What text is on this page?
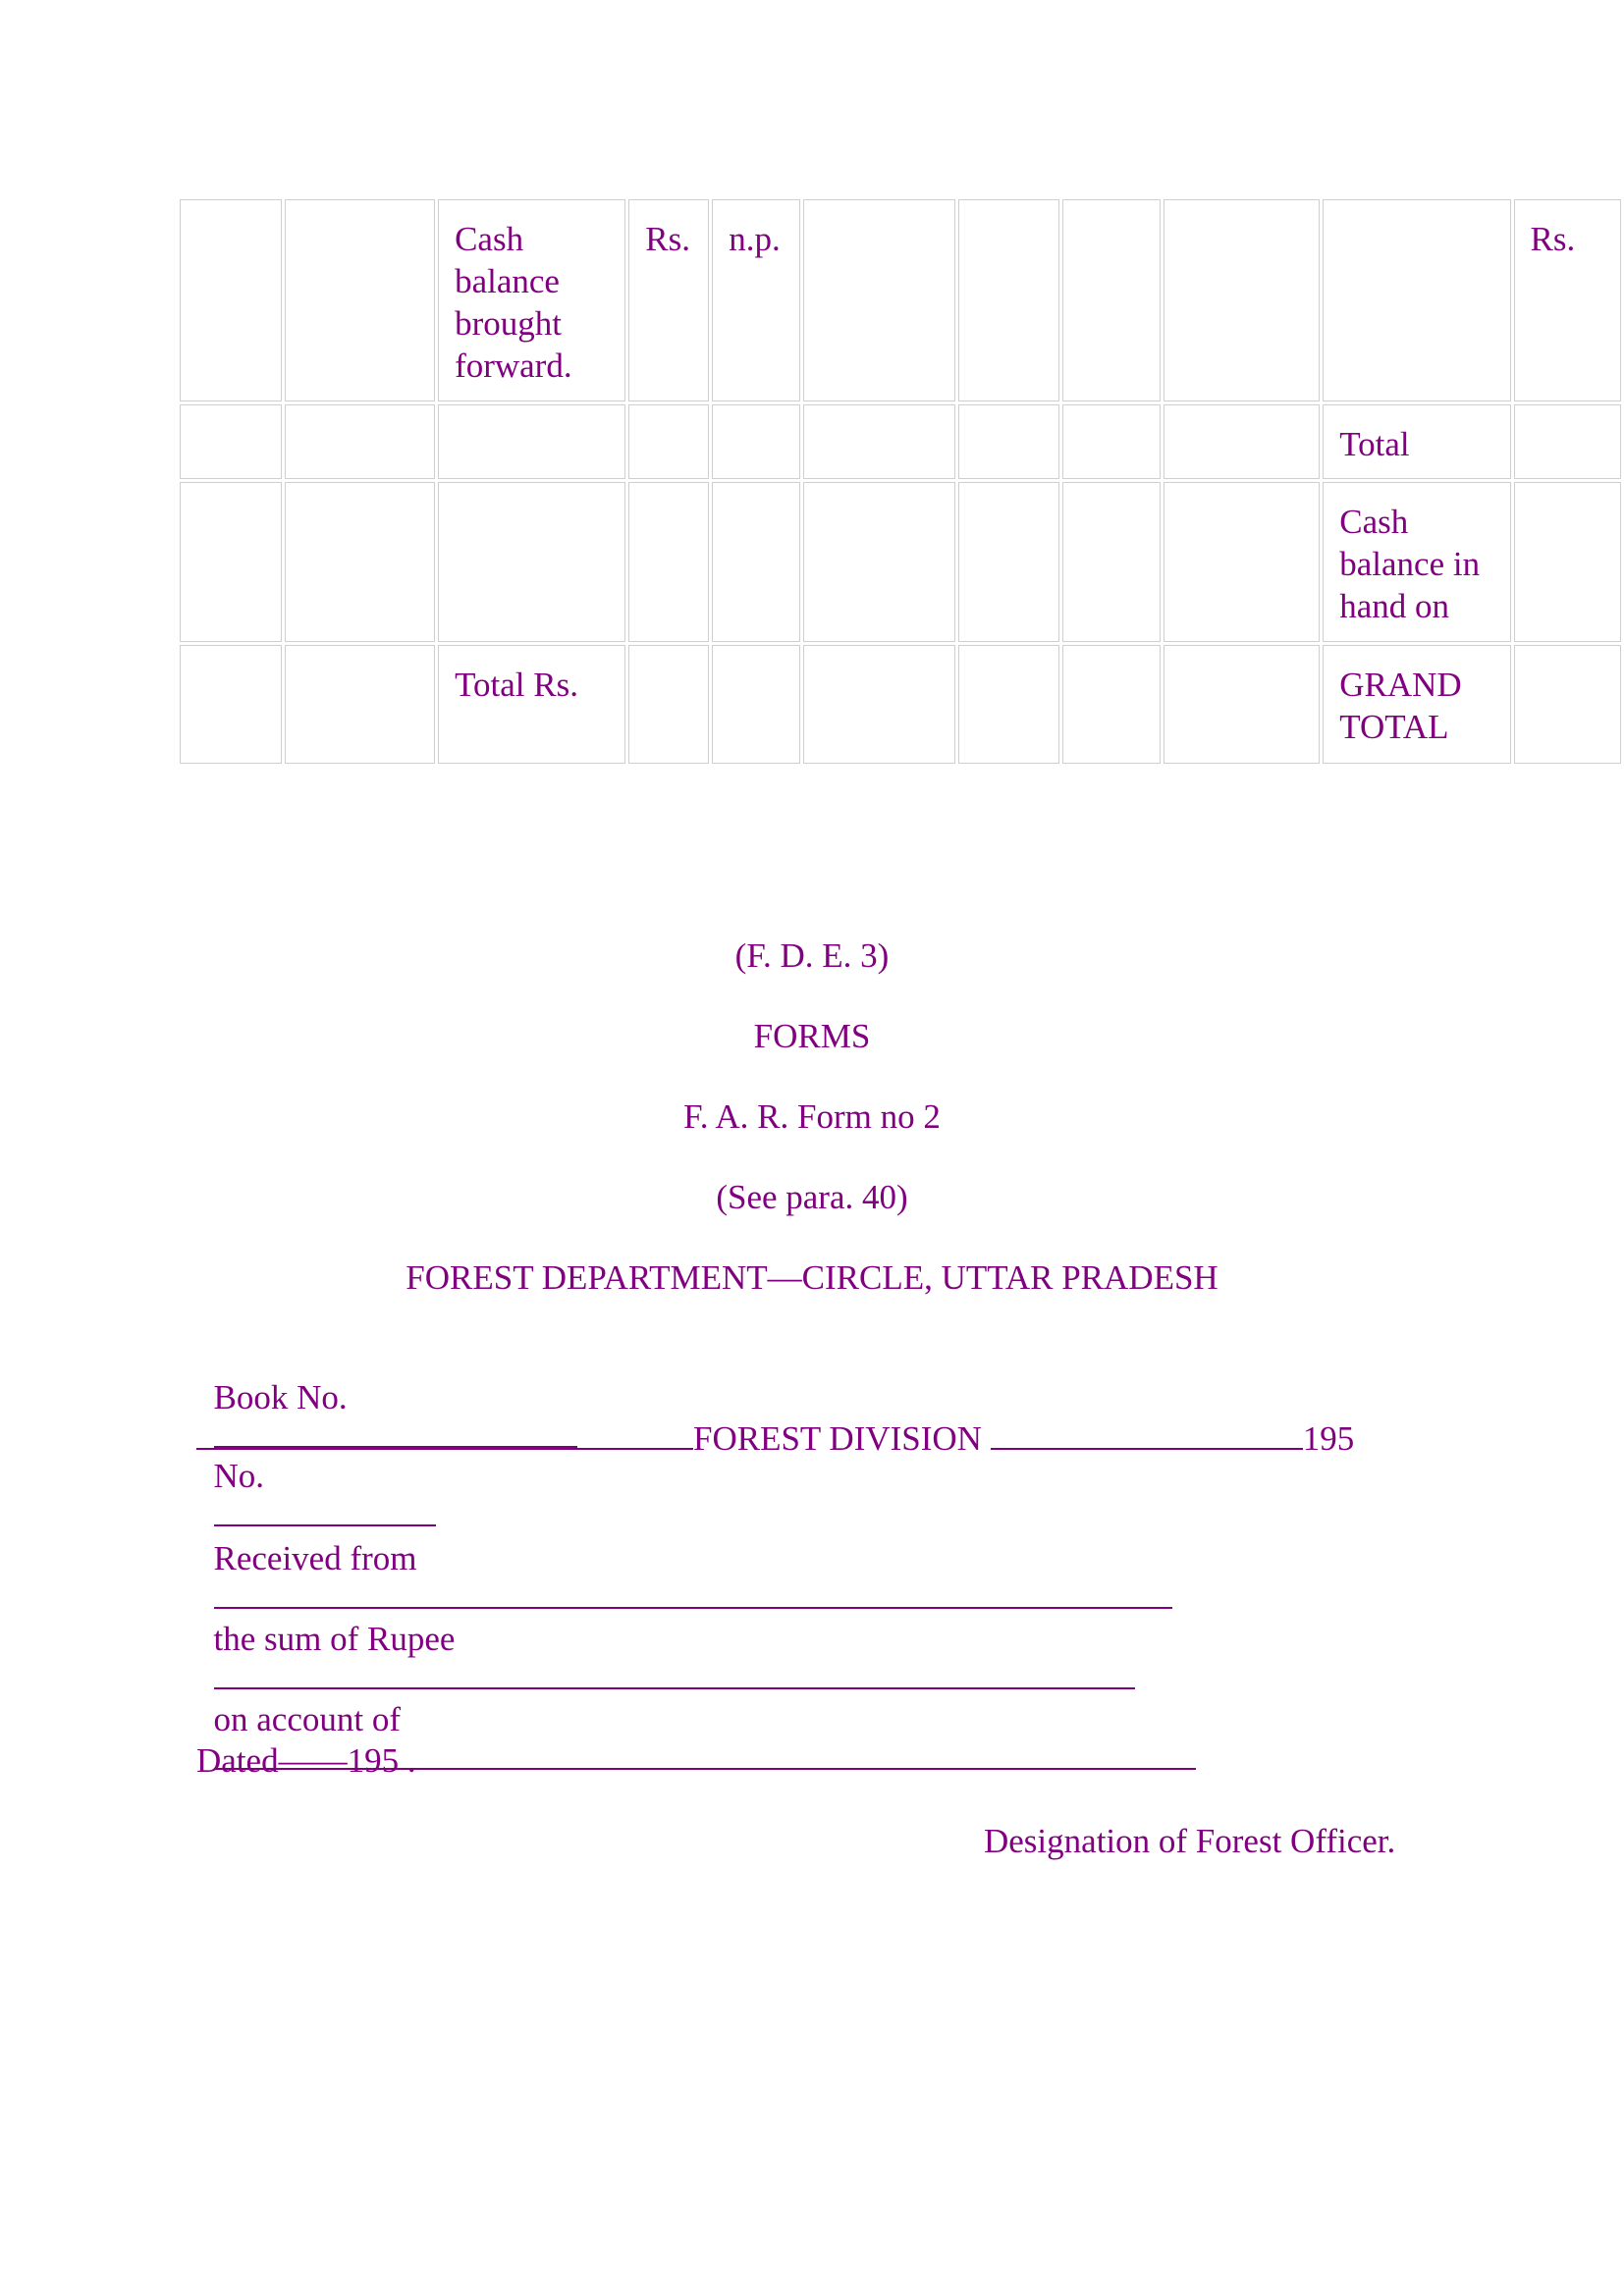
		Cash balance brought forward.	Rs.	n.p.						Rs.
									Total	
									Cash balance in hand on	
		Total Rs.							GRAND TOTAL	
(F. D. E. 3)
FORMS
F. A. R. Form no 2
(See para. 40)
FOREST DEPARTMENT—CIRCLE, UTTAR PRADESH

Book No.

No.

FOREST DIVISION	195

Received from

the sum of Rupee

on account of

Dated——195 .
Designation of Forest Officer.
